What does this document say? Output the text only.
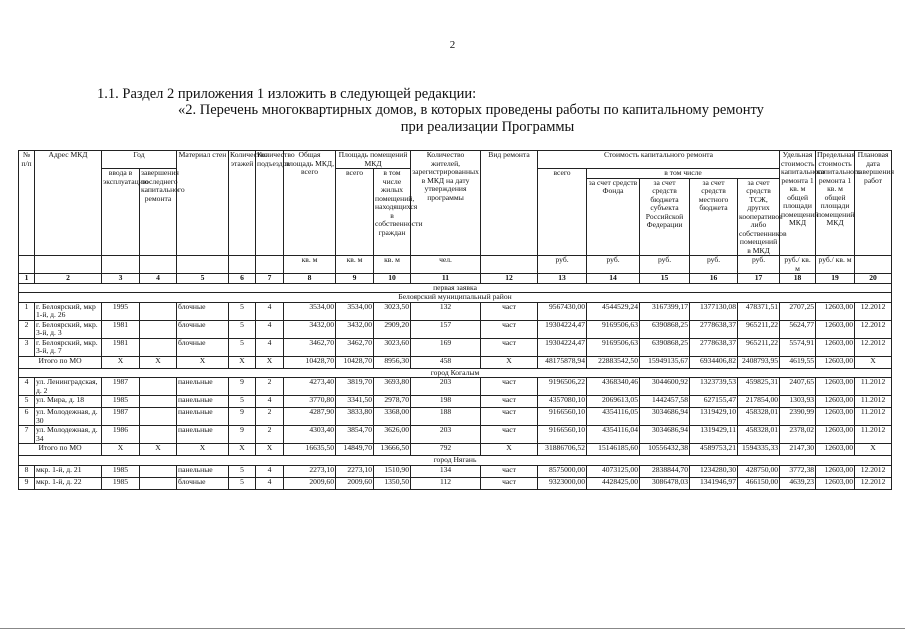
2
1.1. Раздел 2 приложения 1 изложить в следующей редакции:
«2. Перечень многоквартирных домов, в которых проведены работы по капитальному ремонту
при реализации Программы
№ п/п	Адрес МКД	Год		Материал стен	Количество этажей	Количество подъездов	Общая площадь МКД, всего	Площадь помещений МКД		Количество жителей, зарегистрированных в МКД на дату утверждения программы	Вид ремонта	Стоимость капитального ремонта					Удельная стоимость капитального ремонта 1 кв. м общей площади помещений МКД	Предельная стоимость капитального ремонта 1 кв. м общей площади помещений МКД	Плановая дата завершения работ
		ввода в эксплуатацию	завершения последнего капитального ремонта					всего	в том числе жилых помещений, находящихся в собственности граждан			всего	в том числе						
													за счет средств Фонда	за счет средств бюджета субъекта Российской Федерации	за счет средств местного бюджета	за счет средств ТСЖ, других кооперативов либо собственников помещений в МКД			
							кв. м	кв. м	кв. м	чел.		руб.	руб.	руб.	руб.	руб.	руб./ кв. м	руб./ кв. м	
1	2	3	4	5	6	7	8	9	10	11	12	13	14	15	16	17	18	19	20
первая заявка																			
Белоярский муниципальный район																			
1	г. Белоярский, мкр 1-й, д. 26	1995		блочные	5	4	3534,00	3534,00	3023,50	132	част	9567430,00	4544529,24	3167399,17	1377130,08	478371,51	2707,25	12603,00	12.2012
2	г. Белоярский, мкр. 3-й, д. 3	1981		блочные	5	4	3432,00	3432,00	2909,20	157	част	19304224,47	9169506,63	6390868,25	2778638,37	965211,22	5624,77	12603,00	12.2012
3	г. Белоярский, мкр. 3-й, д. 7	1981		блочные	5	4	3462,70	3462,70	3023,60	169	част	19304224,47	9169506,63	6390868,25	2778638,37	965211,22	5574,91	12603,00	12.2012
Итого по МО		X	X	X	X	X	10428,70	10428,70	8956,30	458	X	48175878,94	22883542,50	15949135,67	6934406,82	2408793,95	4619,55	12603,00	X
город Когалым																			
4	ул. Ленинградская, д. 2	1987		панельные	9	2	4273,40	3819,70	3693,80	203	част	9196506,22	4368340,46	3044600,92	1323739,53	459825,31	2407,65	12603,00	11.2012
5	ул. Мира, д. 18	1985		панельные	5	4	3770,80	3341,50	2978,70	198	част	4357080,10	2069613,05	1442457,58	627155,47	217854,00	1303,93	12603,00	11.2012
6	ул. Молодежная, д. 30	1987		панельные	9	2	4287,90	3833,80	3368,00	188	част	9166560,10	4354116,05	3034686,94	1319429,10	458328,01	2390,99	12603,00	11.2012
7	ул. Молодежная, д. 34	1986		панельные	9	2	4303,40	3854,70	3626,00	203	част	9166560,10	4354116,04	3034686,94	1319429,11	458328,01	2378,02	12603,00	11.2012
Итого по МО		X	X	X	X	X	16635,50	14849,70	13666,50	792	X	31886706,52	15146185,60	10556432,38	4589753,21	1594335,33	2147,30	12603,00	X
город Нягань																			
8	мкр. 1-й, д. 21	1985		панельные	5	4	2273,10	2273,10	1510,90	134	част	8575000,00	4073125,00	2838844,70	1234280,30	428750,00	3772,38	12603,00	12.2012
9	мкр. 1-й, д. 22	1985		блочные	5	4	2009,60	2009,60	1350,50	112	част	9323000,00	4428425,00	3086478,03	1341946,97	466150,00	4639,23	12603,00	12.2012
